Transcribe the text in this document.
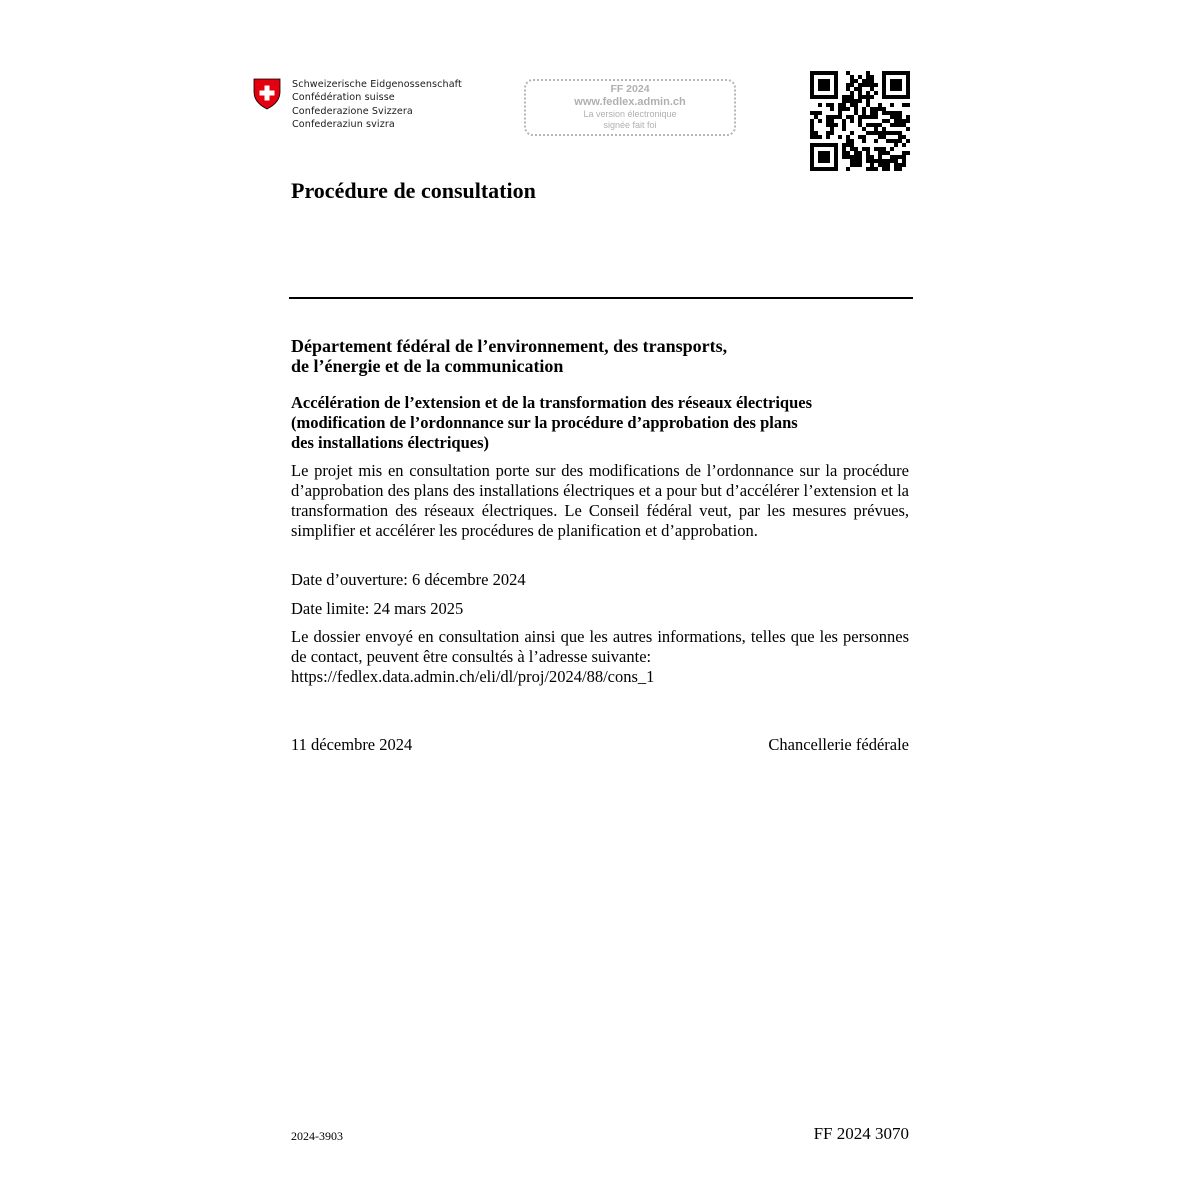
Schweizerische Eidgenossenschaft
Confédération suisse
Confederazione Svizzera
Confederaziun svizra
FF 2024
www.fedlex.admin.ch
La version électronique
signée fait foi
Procédure de consultation
Département fédéral de l’environnement, des transports,
de l’énergie et de la communication
Accélération de l’extension et de la transformation des réseaux électriques
(modification de l’ordonnance sur la procédure d’approbation des plans
des installations électriques)

Le projet mis en consultation porte sur des modifications de l’ordonnance sur la procédure d’approbation des plans des installations électriques et a pour but d’accélérer l’extension et la transformation des réseaux électriques. Le Conseil fédéral veut, par les mesures prévues, simplifier et accélérer les procédures de planification et d’approbation.

Date d’ouverture: 6 décembre 2024

Date limite: 24 mars 2025

Le dossier envoyé en consultation ainsi que les autres informations, telles que les personnes de contact, peuvent être consultés à l’adresse suivante:
https://fedlex.data.admin.ch/eli/dl/proj/2024/88/cons_1

11 décembre 2024	Chancellerie fédérale
2024-3903	FF 2024 3070
